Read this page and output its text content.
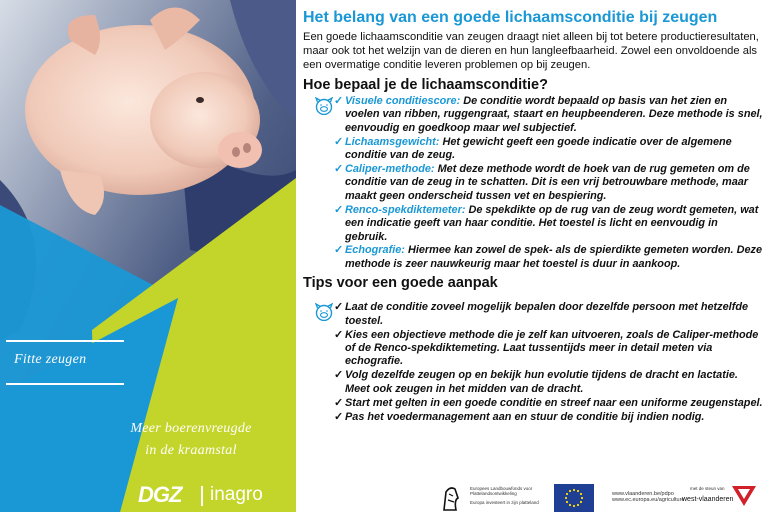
Fitte zeugen
Meer boerenvreugde
in de kraamstal
DGZ inagro
Het belang van een goede lichaamsconditie bij zeugen
Een goede lichaamsconditie van zeugen draagt niet alleen bij tot betere productieresultaten, maar ook tot het welzijn van de dieren en hun langleefbaarheid. Zowel een onvoldoende als een overmatige conditie leveren problemen op bij zeugen.
Hoe bepaal je de lichaamsconditie?
✓ Visuele conditiescore: De conditie wordt bepaald op basis van het zien en voelen van ribben, ruggengraat, staart en heupbeenderen. Deze methode is snel, eenvoudig en goedkoop maar wel subjectief.
✓ Lichaamsgewicht: Het gewicht geeft een goede indicatie over de algemene conditie van de zeug.
✓ Caliper-methode: Met deze methode wordt de hoek van de rug gemeten om de conditie van de zeug in te schatten. Dit is een vrij betrouwbare methode, maar maakt geen onderscheid tussen vet en bespiering.
✓ Renco-spekdiktemeter: De spekdikte op de rug van de zeug wordt gemeten, wat een indicatie geeft van haar conditie. Het toestel is licht en eenvoudig in gebruik.
✓ Echografie: Hiermee kan zowel de spek- als de spierdikte gemeten worden. Deze methode is zeer nauwkeurig maar het toestel is duur in aankoop.
Tips voor een goede aanpak
✓ Laat de conditie zoveel mogelijk bepalen door dezelfde persoon met hetzelfde toestel.
✓ Kies een objectieve methode die je zelf kan uitvoeren, zoals de Caliper-methode of de Renco-spekdiktemeting. Laat tussentijds meer in detail meten via echografie.
✓ Volg dezelfde zeugen op en bekijk hun evolutie tijdens de dracht en lactatie. Meet ook zeugen in het midden van de dracht.
✓ Start met gelten in een goede conditie en streef naar een uniforme zeugenstapel.
✓ Pas het voedermanagement aan en stuur de conditie bij indien nodig.
Europees Landbouwfonds voor Plattelandsontwikkeling
Europa investeert in zijn platteland
www.vlaanderen.be/pdpo
www.ec.europa.eu/agriculture
met de steun van
west-vlaanderen
